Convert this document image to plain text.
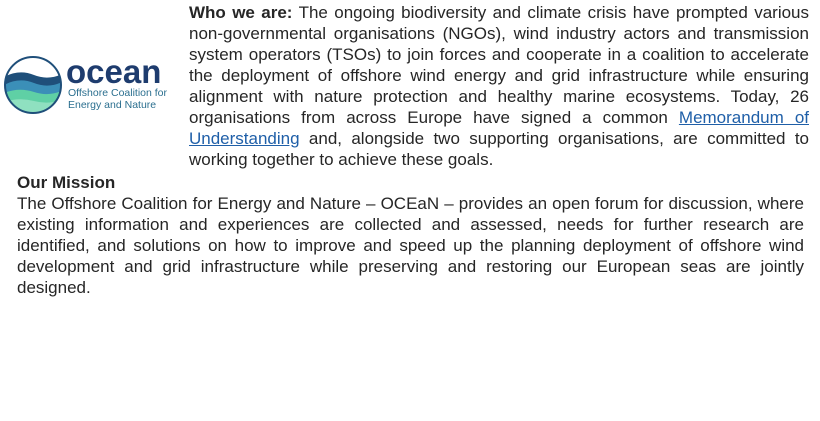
ocean
Offshore Coalition for
Energy and Nature

Who we are: The ongoing biodiversity and climate crisis have prompted various non-governmental organisations (NGOs), wind industry actors and transmission system operators (TSOs) to join forces and cooperate in a coalition to accelerate the deployment of offshore wind energy and grid infrastructure while ensuring alignment with nature protection and healthy marine ecosystems. Today, 26 organisations from across Europe have signed a common Memorandum of Understanding and, alongside two supporting organisations, are committed to working together to achieve these goals.

Our Mission

The Offshore Coalition for Energy and Nature – OCEaN – provides an open forum for discussion, where existing information and experiences are collected and assessed, needs for further research are identified, and solutions on how to improve and speed up the planning deployment of offshore wind development and grid infrastructure while preserving and restoring our European seas are jointly designed.
